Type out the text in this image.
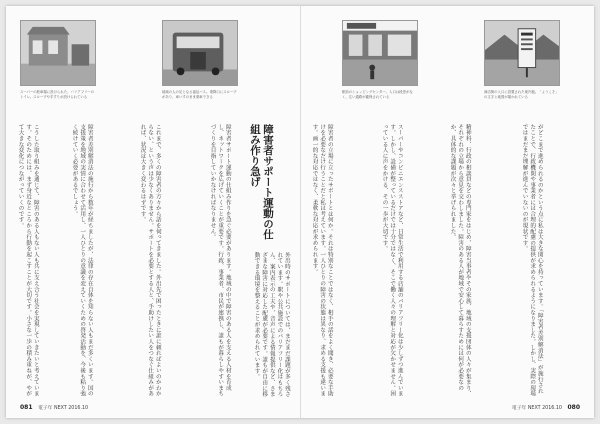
スーパーの駐車場に設けられた、バリアフリーのトイレ。スロープや手すりが設けられている
地域の人の足となる福祉バス。乗降口にスロープがあり、車いすのまま乗車できる
駅前のショッピングセンター。入口は段差がなく、広い通路が確保されている
商店街の入口に設置された案内板。「ようこそ」の文字と地図が描かれている
がどこまで進められるのかという点に私は大きな関心を持っています。「障害者差別解消法」が施行されたことで、行政機関や事業者には合理的配慮の提供が求められるようになりました。しかし、実際の現場ではまだまだ理解が進んでいないのが現状です。
精神科、行政の相談員などの専門家をはじめ、障害当事者やその家族、地域の支援団体の人々が集まり、それぞれの立場から意見を交わしました。障害のある人が地域で安心して暮らすためには何が必要なのか、具体的な課題が次々と挙げられました。
スーパーやコンビニエンスストアなど、日常生活で利用する店舗のバリアフリー化は少しずつ進んでいます。しかし、設備が整っているだけでは十分ではなく、そこで働く人々の理解と対応が欠かせません。困っている人に声をかける、その一歩が大切です。
障害者の立場に立ったサポートとは何か。それは特別なことではなく、相手の話をよく聞き、必要な手助けを必要なだけ行うことだと私は考えています。一人ひとりの障害の状態は異なり、求める支援も違います。画一的な対応ではなく、柔軟な対応が求められます。
障害者サポート運動の仕組み作り急げ
障害者サポート運動の仕組み作りを急ぐ必要があります。地域の中で障害のある人を支える人材を育成し、ネットワークを広げていくことが重要です。行政、事業者、市民が連携し、誰もが暮らしやすいまちづくりを目指していかなければなりません。
これまで、多くの障害者の方々から話を伺ってきました。外出先で困ったときに誰に頼ればよいのかわからない、という声は少なくありません。サポートを必要とする人と、手助けしたい人をつなぐ仕組みがあれば、状況は大きく変わるはずです。
障害者差別解消法の施行から数年が経ちましたが、法律の存在自体を知らない人もまだ多くいます。国の支援策を地域の実情に合わせて活用し、一人ひとりの意識を変えていくための啓発活動を、今後も粘り強く続けていく必要があるでしょう。
こうした取り組みを通じて、障害のある人もない人も共に支え合う社会を実現していきたいと考えています。そのためには、まず身近なところから行動を起こすことが大切です。小さな一歩の積み重ねが、やがて大きな変化につながっていくのです。
外出時のサポートについては、まだまだ課題が多く残されています。駅や公共施設でのバリアフリー化はもちろん、案内表示の工夫や、音声による情報提供など、さまざまな障害に対応した配慮が必要です。誰もが自由に移動できる環境を整えることが求められています。
081 電子年 NEXT 2016.10	電子年 NEXT 2016.10 080
